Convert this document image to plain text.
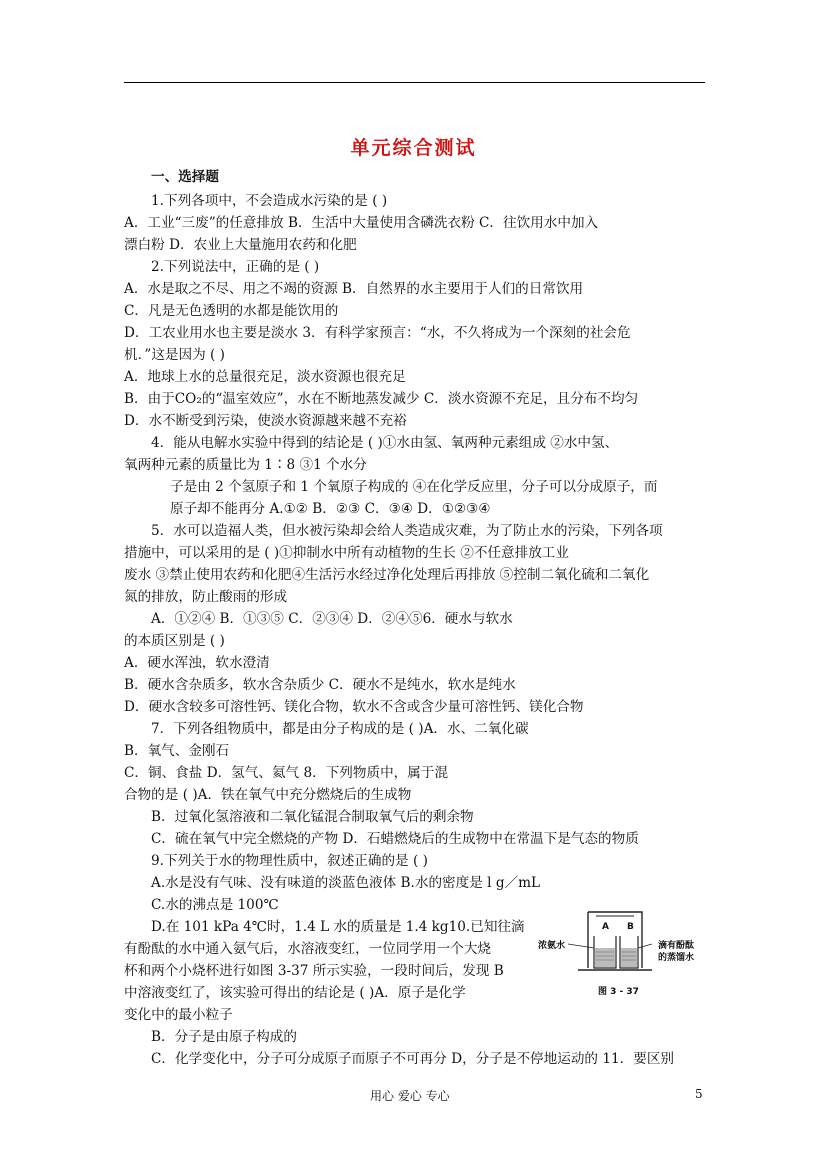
单元综合测试
一、选择题
1.下列各项中，不会造成水污染的是 ( )
A．工业“三废”的任意排放 B．生活中大量使用含磷洗衣粉 C．往饮用水中加入
漂白粉 D．农业上大量施用农药和化肥
2.下列说法中，正确的是 ( )
A．水是取之不尽、用之不竭的资源 B．自然界的水主要用于人们的日常饮用
C．凡是无色透明的水都是能饮用的
D．工农业用水也主要是淡水 3．有科学家预言：“水，不久将成为一个深刻的社会危
机．”这是因为 ( )
A．地球上水的总量很充足，淡水资源也很充足
B．由于CO₂的“温室效应”，水在不断地蒸发减少 C．淡水资源不充足，且分布不均匀
D．水不断受到污染，使淡水资源越来越不充裕
4．能从电解水实验中得到的结论是 ( )①水由氢、氧两种元素组成 ②水中氢、
氧两种元素的质量比为 1∶8 ③1 个水分
子是由 2 个氢原子和 1 个氧原子构成的 ④在化学反应里，分子可以分成原子，而
原子却不能再分 A.①② B．②③ C．③④ D．①②③④
5．水可以造福人类，但水被污染却会给人类造成灾难，为了防止水的污染，下列各项
措施中，可以采用的是 ( )①抑制水中所有动植物的生长 ②不任意排放工业
废水 ③禁止使用农药和化肥④生活污水经过净化处理后再排放 ⑤控制二氧化硫和二氧化
氮的排放，防止酸雨的形成
A．①②④ B．①③⑤ C．②③④ D．②④⑤6．硬水与软水
的本质区别是 ( )
A．硬水浑浊，软水澄清
B．硬水含杂质多，软水含杂质少 C．硬水不是纯水，软水是纯水
D．硬水含较多可溶性钙、镁化合物，软水不含或含少量可溶性钙、镁化合物
7．下列各组物质中，都是由分子构成的是 ( )A．水、二氧化碳
B．氧气、金刚石
C．铜、食盐 D．氢气、氦气 8．下列物质中，属于混
合物的是 ( )A．铁在氧气中充分燃烧后的生成物
B．过氧化氢溶液和二氧化锰混合制取氧气后的剩余物
C．硫在氧气中完全燃烧的产物 D．石蜡燃烧后的生成物中在常温下是气态的物质
9.下列关于水的物理性质中，叙述正确的是 ( )
A.水是没有气味、没有味道的淡蓝色液体 B.水的密度是 l g／mL
C.水的沸点是 100℃
D.在 101 kPa 4℃时，1.4 L 水的质量是 1.4 kg10.已知往滴
有酚酞的水中通入氨气后，水溶液变红，一位同学用一个大烧
杯和两个小烧杯进行如图 3-37 所示实验，一段时间后，发现 B
中溶液变红了，该实验可得出的结论是 ( )A．原子是化学
变化中的最小粒子
B．分子是由原子构成的
C．化学变化中，分子可分成原子而原子不可再分 D，分子是不停地运动的 11．要区别
A B
浓氨水	滴有酚酞
的蒸馏水
图 3 - 37
用心 爱心 专心	5
